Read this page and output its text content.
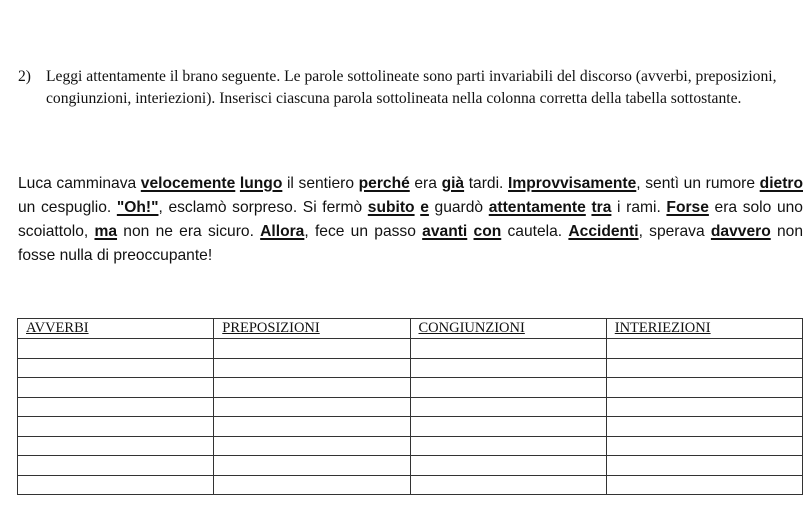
2) Leggi attentamente il brano seguente. Le parole sottolineate sono parti invariabili del discorso (avverbi, preposizioni, congiunzioni, interiezioni). Inserisci ciascuna parola sottolineata nella colonna corretta della tabella sottostante.
Luca camminava velocemente lungo il sentiero perché era già tardi. Improvvisamente, sentì un rumore dietro un cespuglio. "Oh!", esclamò sorpreso. Si fermò subito e guardò attentamente tra i rami. Forse era solo uno scoiattolo, ma non ne era sicuro. Allora, fece un passo avanti con cautela. Accidenti, sperava davvero non fosse nulla di preoccupante!
AVVERBI	PREPOSIZIONI	CONGIUNZIONI	INTERIEZIONI
